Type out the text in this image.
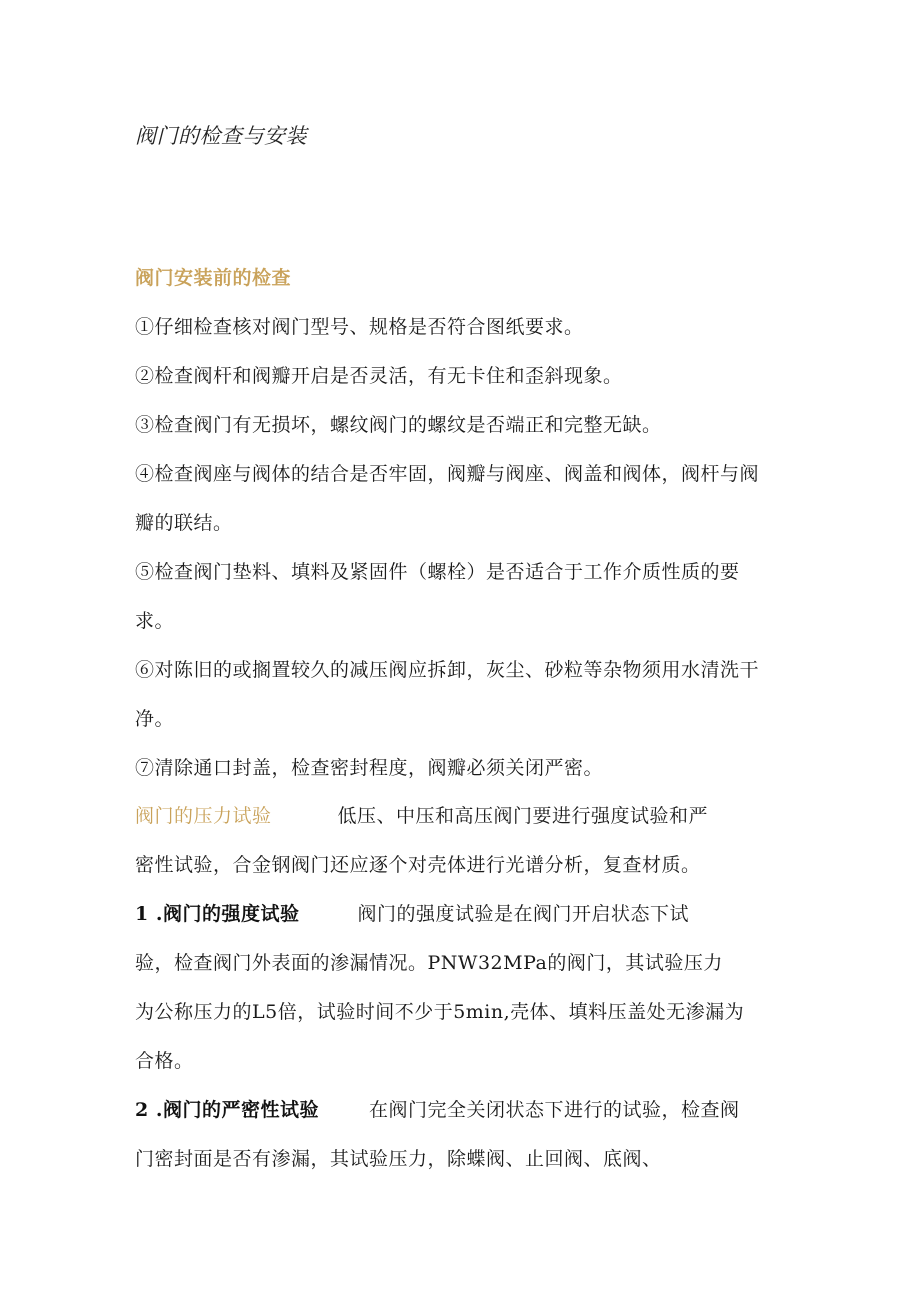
阀门的检查与安装
阀门安装前的检查
①仔细检查核对阀门型号、规格是否符合图纸要求。
②检查阀杆和阀瓣开启是否灵活，有无卡住和歪斜现象。
③检查阀门有无损坏，螺纹阀门的螺纹是否端正和完整无缺。
④检查阀座与阀体的结合是否牢固，阀瓣与阀座、阀盖和阀体，阀杆与阀
瓣的联结。
⑤检查阀门垫料、填料及紧固件（螺栓）是否适合于工作介质性质的要
求。
⑥对陈旧的或搁置较久的减压阀应拆卸，灰尘、砂粒等杂物须用水清洗干
净。
⑦清除通口封盖，检查密封程度，阀瓣必须关闭严密。
阀门的压力试验	低压、中压和高压阀门要进行强度试验和严
密性试验，合金钢阀门还应逐个对壳体进行光谱分析，复查材质。
1 .阀门的强度试验	阀门的强度试验是在阀门开启状态下试
验，检查阀门外表面的渗漏情况。PNW32MPa的阀门，其试验压力
为公称压力的L5倍，试验时间不少于5min,壳体、填料压盖处无渗漏为
合格。
2 .阀门的严密性试验	在阀门完全关闭状态下进行的试验，检查阀
门密封面是否有渗漏，其试验压力，除蝶阀、止回阀、底阀、
